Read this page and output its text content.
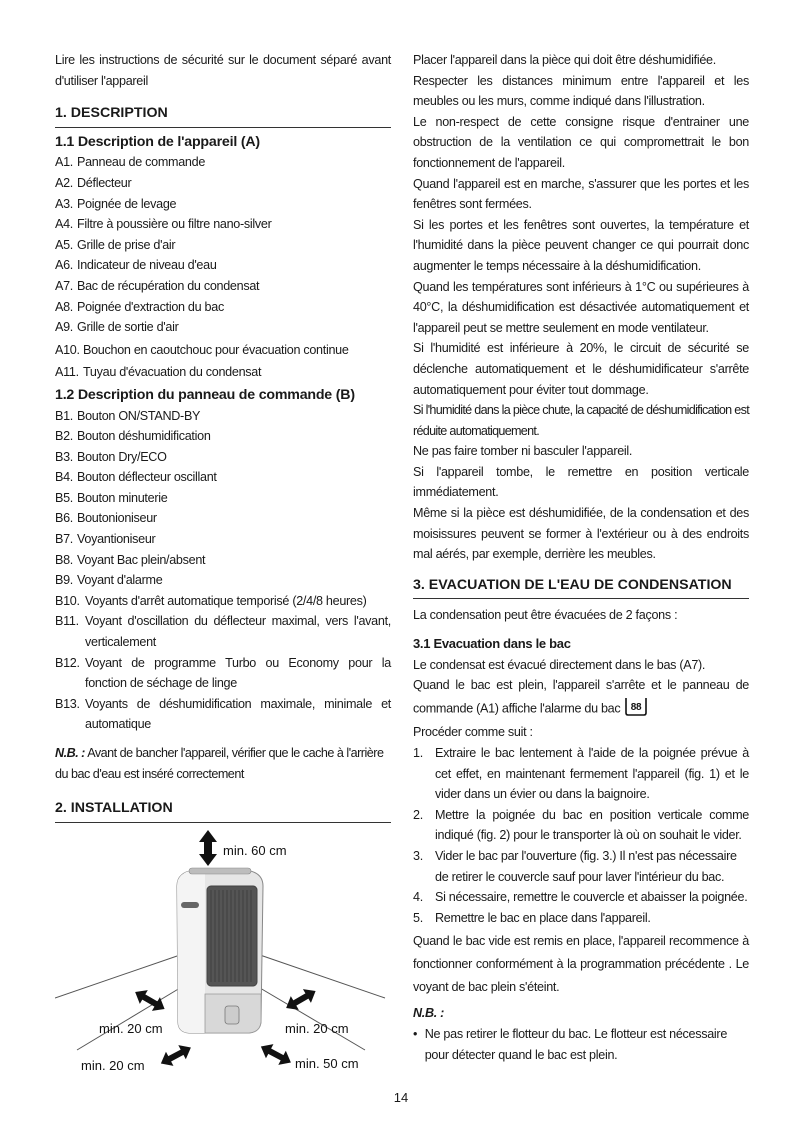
Lire les instructions de sécurité sur le document séparé avant d'utiliser l'appareil
1. DESCRIPTION
1.1 Description de l'appareil (A)
A1. Panneau de commande
A2. Déflecteur
A3. Poignée de levage
A4. Filtre à poussière ou filtre nano-silver
A5. Grille de prise d'air
A6. Indicateur de niveau d'eau
A7. Bac de récupération du condensat
A8. Poignée d'extraction du bac
A9. Grille de sortie d'air
A10. Bouchon en caoutchouc pour évacuation continue
A11. Tuyau d'évacuation du condensat
1.2 Description du panneau de commande (B)
B1. Bouton ON/STAND-BY
B2. Bouton déshumidification
B3. Bouton Dry/ECO
B4. Bouton déflecteur oscillant
B5. Bouton minuterie
B6. Boutonioniseur
B7. Voyantioniseur
B8. Voyant Bac plein/absent
B9. Voyant d'alarme
B10. Voyants d'arrêt automatique temporisé (2/4/8 heures)
B11. Voyant d'oscillation du déflecteur maximal, vers l'avant, verticalement
B12. Voyant de programme Turbo ou Economy pour la fonction de séchage de linge
B13. Voyants de déshumidification maximale, minimale et automatique
N.B. : Avant de bancher l'appareil, vérifier que le cache à l'arrière du bac d'eau est inséré correctement
2. INSTALLATION
min. 60 cm
min. 20 cm	min. 20 cm
min. 20 cm	min. 50 cm
Placer l'appareil dans la pièce qui doit être déshumidifiée.
Respecter les distances minimum entre l'appareil et les meubles ou les murs, comme indiqué dans l'illustration.
Le non-respect de cette consigne risque d'entrainer une obstruction de la ventilation ce qui compromettrait le bon fonctionnement de l'appareil.
Quand l'appareil est en marche, s'assurer que les portes et les fenêtres sont fermées.
Si les portes et les fenêtres sont ouvertes, la température et l'humidité dans la pièce peuvent changer ce qui pourrait donc augmenter le temps nécessaire à la déshumidification.
Quand les températures sont inférieurs à 1°C ou supérieures à 40°C, la déshumidification est désactivée automatiquement et l'appareil peut se mettre seulement en mode ventilateur.
Si l'humidité est inférieure à 20%, le circuit de sécurité se déclenche automatiquement et le déshumidificateur s'arrête automatiquement pour éviter tout dommage.
Si l'humidité dans la pièce chute, la capacité de déshumidification est réduite automatiquement.
Ne pas faire tomber ni basculer l'appareil.
Si l'appareil tombe, le remettre en position verticale immédiatement.
Même si la pièce est déshumidifiée, de la condensation et des moisissures peuvent se former à l'extérieur ou à des endroits mal aérés, par exemple, derrière les meubles.
3. EVACUATION DE L'EAU DE CONDENSATION
La condensation peut être évacuées de 2 façons :
3.1 Evacuation dans le bac
Le condensat est évacué directement dans le bas (A7).
Quand le bac est plein, l'appareil s'arrête et le panneau de commande (A1) affiche l'alarme du bac 88
Procéder comme suit :
1. Extraire le bac lentement à l'aide de la poignée prévue à cet effet, en maintenant fermement l'appareil (fig. 1) et le vider dans un évier ou dans la baignoire.
2. Mettre la poignée du bac en position verticale comme indiqué (fig. 2) pour le transporter là où on souhait le vider.
3. Vider le bac par l'ouverture (fig. 3.) Il n'est pas nécessaire de retirer le couvercle sauf pour laver l'intérieur du bac.
4. Si nécessaire, remettre le couvercle et abaisser la poignée.
5. Remettre le bac en place dans l'appareil.
Quand le bac vide est remis en place, l'appareil recommence à fonctionner conformément à la programmation précédente . Le voyant de bac plein s'éteint.
N.B. :
• Ne pas retirer le flotteur du bac. Le flotteur est nécessaire pour détecter quand le bac est plein.
14
